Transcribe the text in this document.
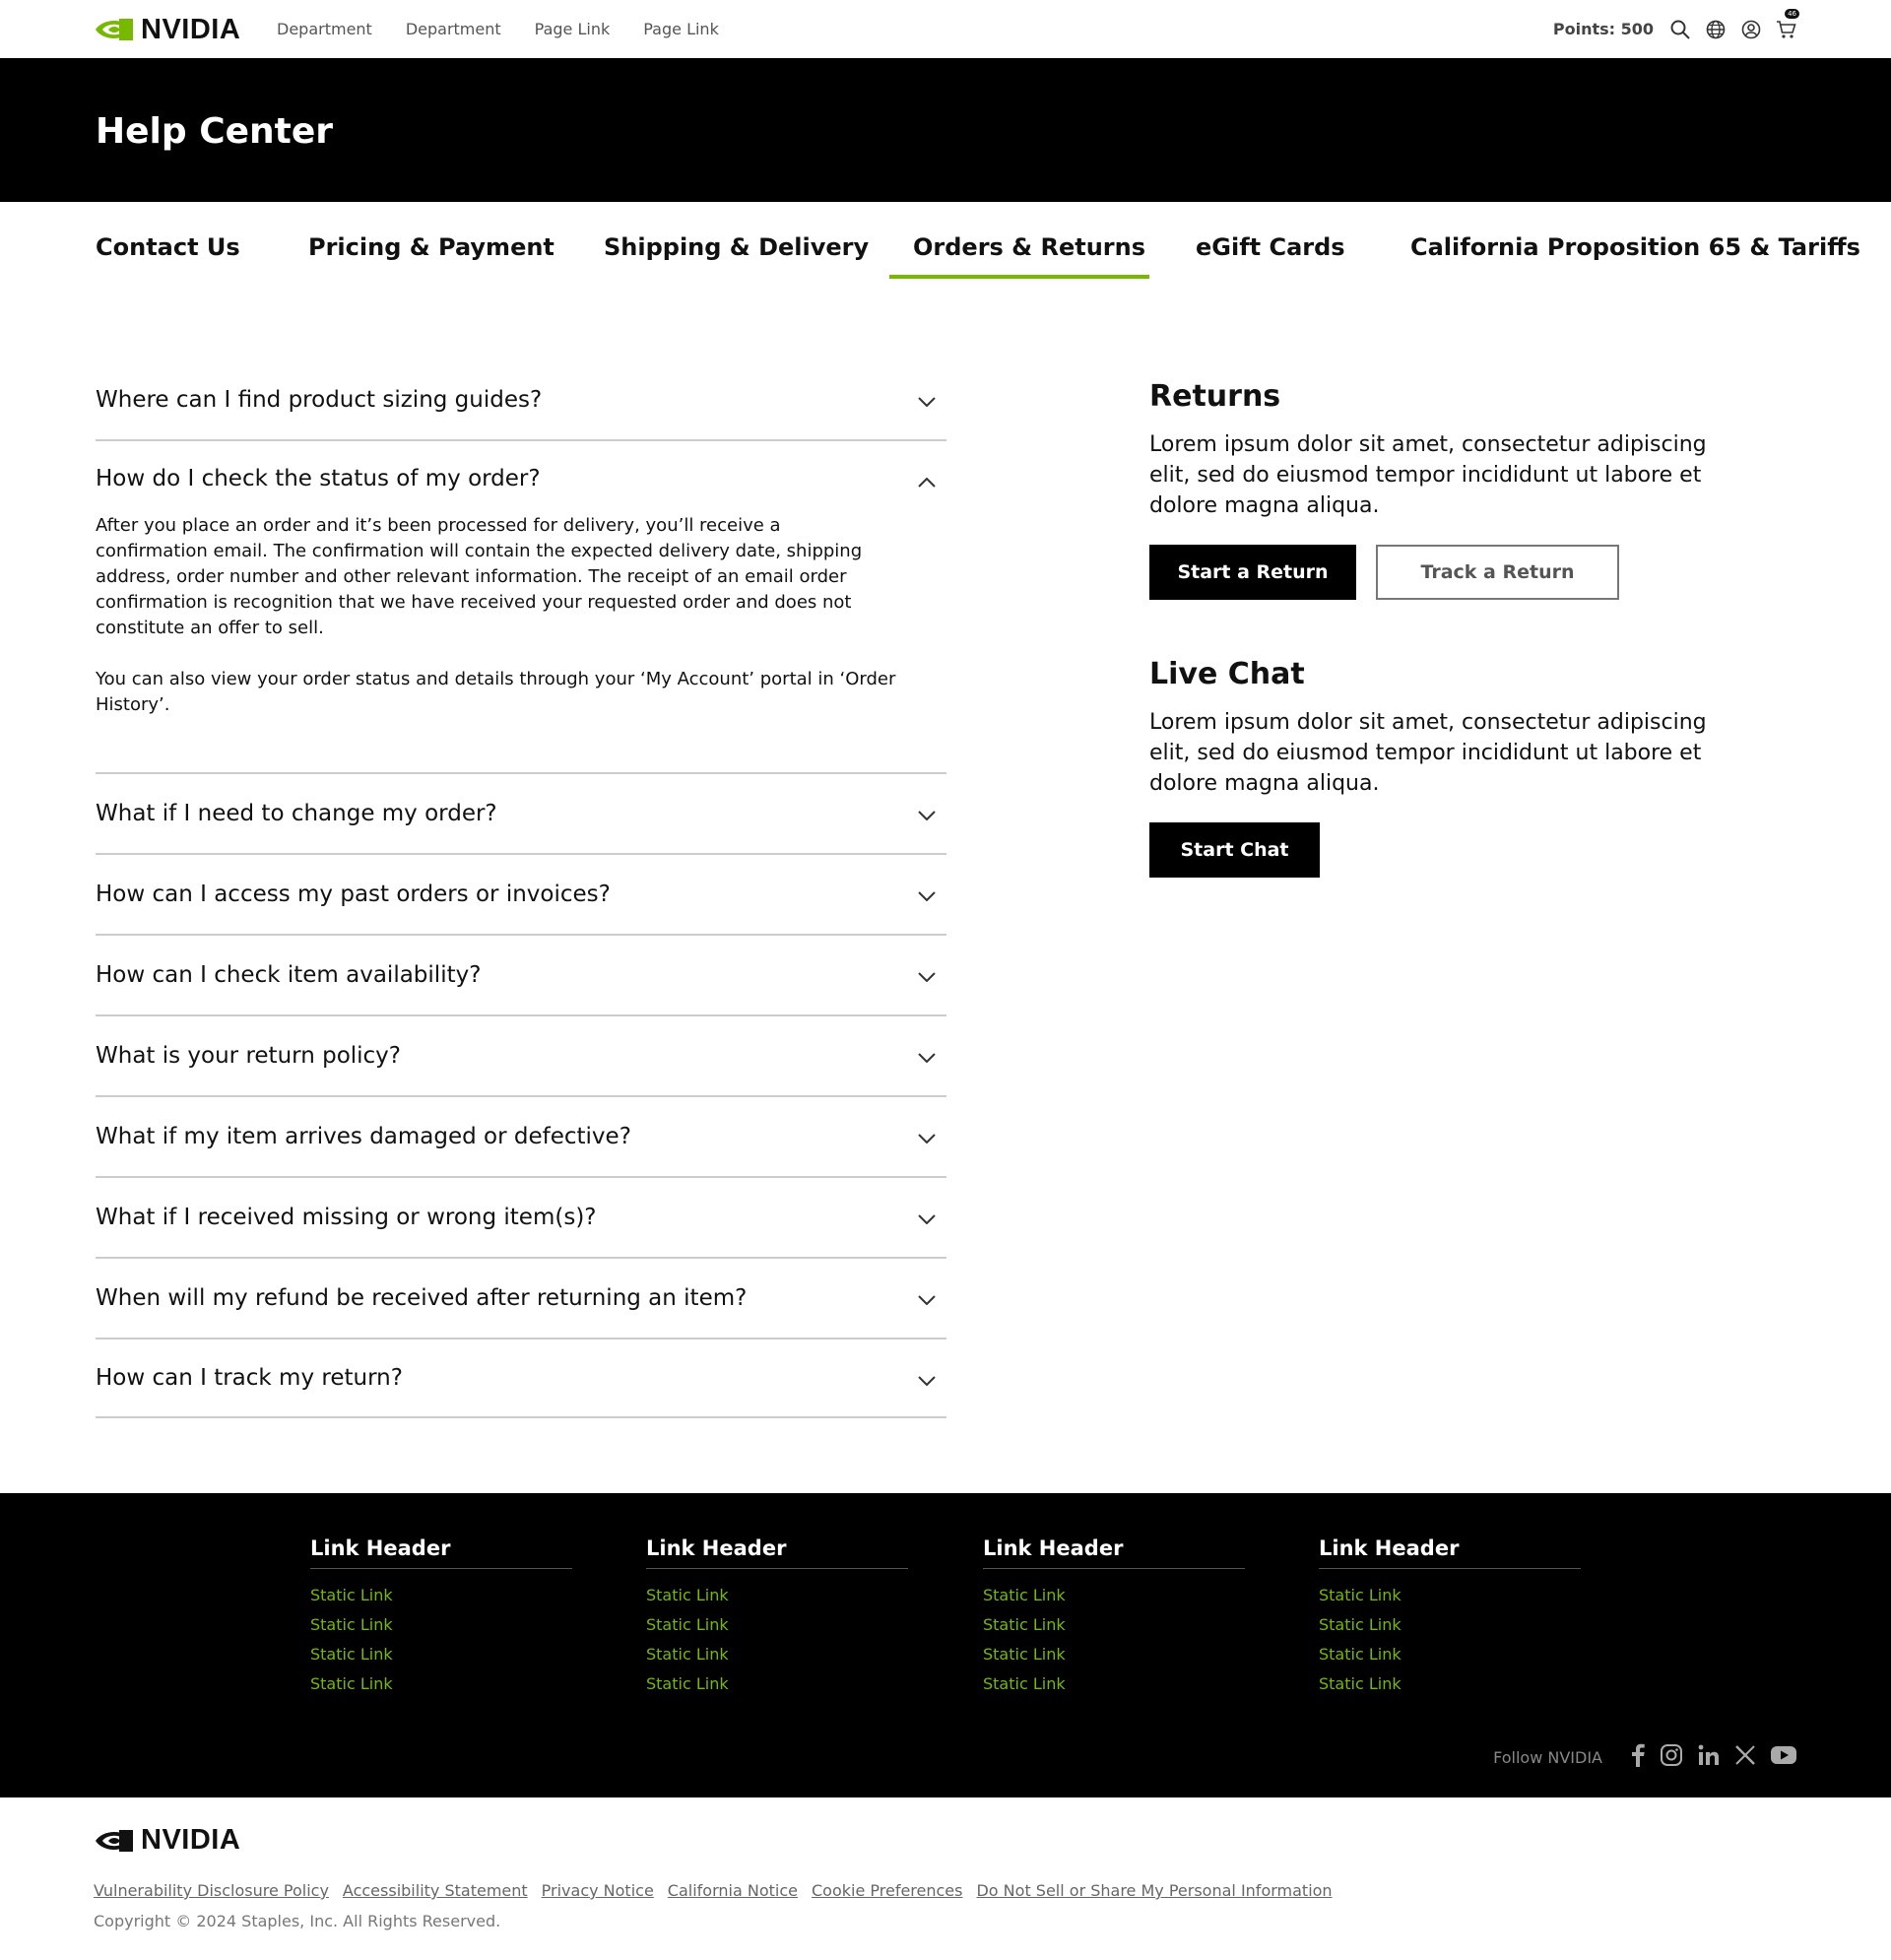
NVIDIA Department Department Page Link Page Link	Points: 500
46
Help Center
Contact Us	Pricing & Payment Shipping & Delivery Orders & Returns eGift Cards	California Proposition 65 & Tariffs
Where can I find product sizing guides?
How do I check the status of my order?

After you place an order and it’s been processed for delivery, you’ll receive a confirmation email. The confirmation will contain the expected delivery date, shipping address, order number and other relevant information. The receipt of an email order confirmation is recognition that we have received your requested order and does not constitute an offer to sell.

You can also view your order status and details through your ‘My Account’ portal in ‘Order History’.

What if I need to change my order?
How can I access my past orders or invoices?
How can I check item availability?
What is your return policy?
What if my item arrives damaged or defective?
What if I received missing or wrong item(s)?
When will my refund be received after returning an item?
How can I track my return?
Returns

Lorem ipsum dolor sit amet, consectetur adipiscing elit, sed do eiusmod tempor incididunt ut labore et dolore magna aliqua.

Start a Return	Track a Return
Live Chat

Lorem ipsum dolor sit amet, consectetur adipiscing elit, sed do eiusmod tempor incididunt ut labore et dolore magna aliqua.

Start Chat
Link Header
Static Link
Static Link
Static Link
Static Link
Link Header
Static Link
Static Link
Static Link
Static Link
Link Header
Static Link
Static Link
Static Link
Static Link
Link Header
Static Link
Static Link
Static Link
Static Link
Follow NVIDIA
NVIDIA
Vulnerability Disclosure Policy Accessibility Statement Privacy Notice California Notice Cookie Preferences Do Not Sell or Share My Personal Information
Copyright © 2024 Staples, Inc. All Rights Reserved.
